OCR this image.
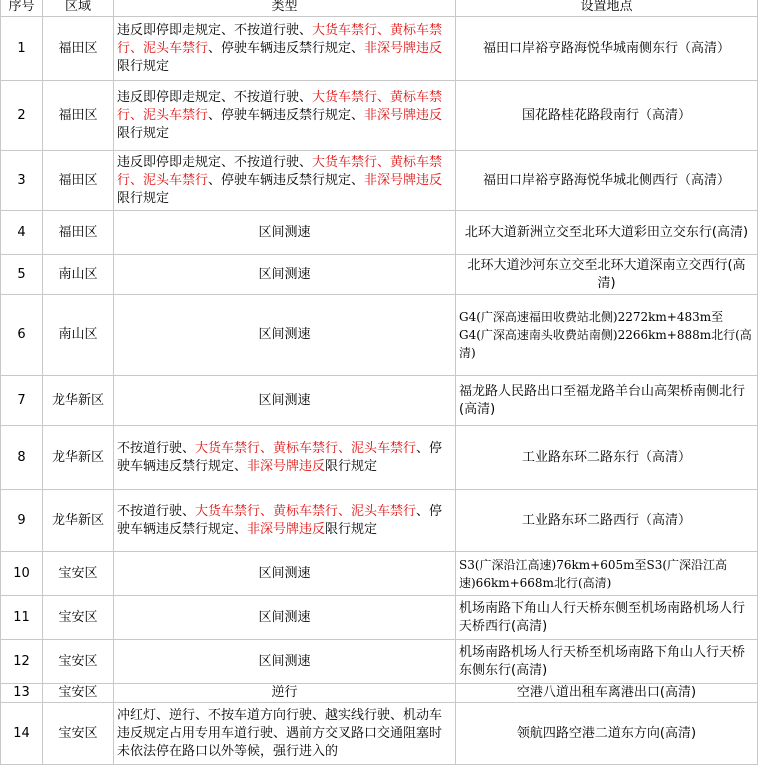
序号	区域	类型	设置地点
1	福田区	违反即停即走规定、不按道行驶、大货车禁行、黄标车禁行、泥头车禁行、停驶车辆违反禁行规定、非深号牌违反限行规定	福田口岸裕亨路海悦华城南侧东行（高清）
2	福田区	违反即停即走规定、不按道行驶、大货车禁行、黄标车禁行、泥头车禁行、停驶车辆违反禁行规定、非深号牌违反限行规定	国花路桂花路段南行（高清）
3	福田区	违反即停即走规定、不按道行驶、大货车禁行、黄标车禁行、泥头车禁行、停驶车辆违反禁行规定、非深号牌违反限行规定	福田口岸裕亨路海悦华城北侧西行（高清）
4	福田区	区间测速	北环大道新洲立交至北环大道彩田立交东行(高清)
5	南山区	区间测速	北环大道沙河东立交至北环大道深南立交西行(高清)
6	南山区	区间测速	G4(广深高速福田收费站北侧)2272km+483m至G4(广深高速南头收费站南侧)2266km+888m北行(高清)
7	龙华新区	区间测速	福龙路人民路出口至福龙路羊台山高架桥南侧北行(高清)
8	龙华新区	不按道行驶、大货车禁行、黄标车禁行、泥头车禁行、停驶车辆违反禁行规定、非深号牌违反限行规定	工业路东环二路东行（高清）
9	龙华新区	不按道行驶、大货车禁行、黄标车禁行、泥头车禁行、停驶车辆违反禁行规定、非深号牌违反限行规定	工业路东环二路西行（高清）
10	宝安区	区间测速	S3(广深沿江高速)76km+605m至S3(广深沿江高速)66km+668m北行(高清)
11	宝安区	区间测速	机场南路下角山人行天桥东侧至机场南路机场人行天桥西行(高清)
12	宝安区	区间测速	机场南路机场人行天桥至机场南路下角山人行天桥东侧东行(高清)
13	宝安区	逆行	空港八道出租车离港出口(高清)
14	宝安区	冲红灯、逆行、不按车道方向行驶、越实线行驶、机动车违反规定占用专用车道行驶、遇前方交叉路口交通阻塞时未依法停在路口以外等候，强行进入的	领航四路空港二道东方向(高清)
